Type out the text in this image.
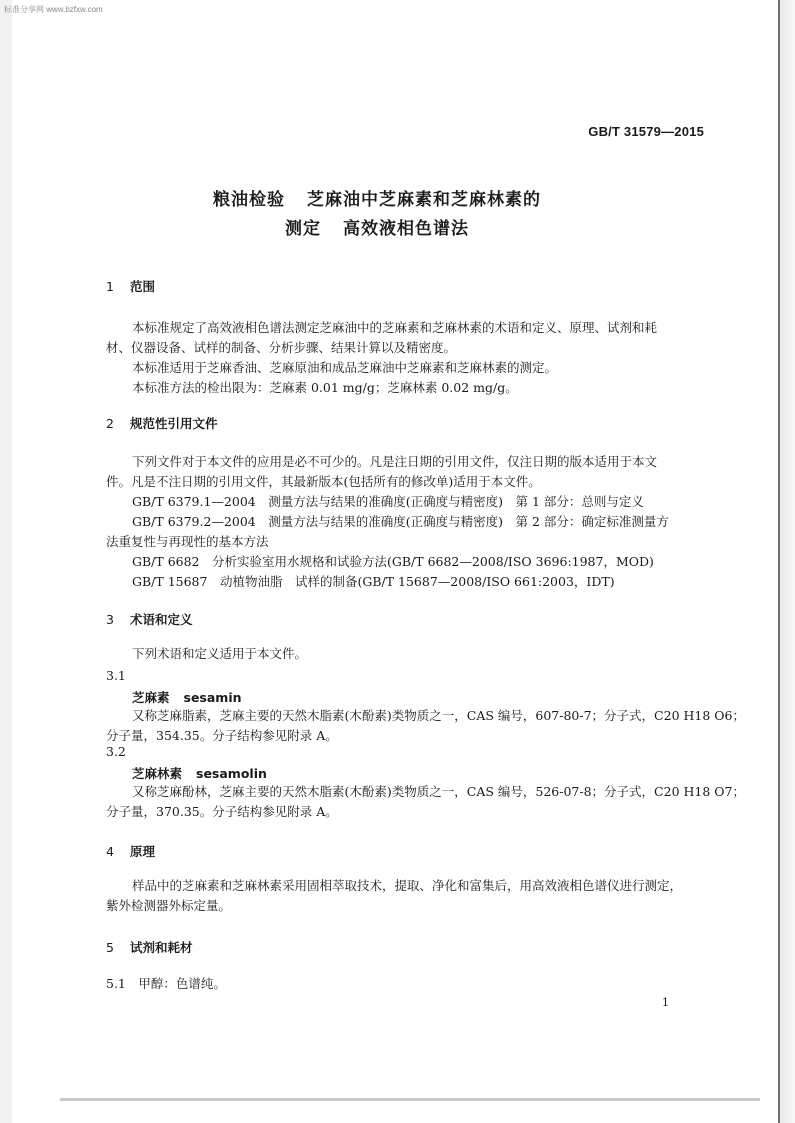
标准分享网 www.bzfxw.com
GB/T 31579—2015
粮油检验 芝麻油中芝麻素和芝麻林素的
测定 高效液相色谱法
1 范围
本标准规定了高效液相色谱法测定芝麻油中的芝麻素和芝麻林素的术语和定义、原理、试剂和耗
材、仪器设备、试样的制备、分析步骤、结果计算以及精密度。
本标准适用于芝麻香油、芝麻原油和成品芝麻油中芝麻素和芝麻林素的测定。
本标准方法的检出限为：芝麻素 0.01 mg/g；芝麻林素 0.02 mg/g。
2 规范性引用文件
下列文件对于本文件的应用是必不可少的。凡是注日期的引用文件，仅注日期的版本适用于本文
件。凡是不注日期的引用文件，其最新版本(包括所有的修改单)适用于本文件。
GB/T 6379.1—2004　测量方法与结果的准确度(正确度与精密度)　第 1 部分：总则与定义
GB/T 6379.2—2004　测量方法与结果的准确度(正确度与精密度)　第 2 部分：确定标准测量方
法重复性与再现性的基本方法
GB/T 6682　分析实验室用水规格和试验方法(GB/T 6682—2008/ISO 3696:1987，MOD)
GB/T 15687　动植物油脂　试样的制备(GB/T 15687—2008/ISO 661:2003，IDT)
3 术语和定义
下列术语和定义适用于本文件。
3.1
芝麻素 sesamin
又称芝麻脂素，芝麻主要的天然木脂素(木酚素)类物质之一，CAS 编号，607-80-7；分子式，C20 H18 O6；
分子量，354.35。分子结构参见附录 A。
3.2
芝麻林素 sesamolin
又称芝麻酚林，芝麻主要的天然木脂素(木酚素)类物质之一，CAS 编号，526-07-8；分子式，C20 H18 O7；
分子量，370.35。分子结构参见附录 A。
4 原理
样品中的芝麻素和芝麻林素采用固相萃取技术，提取、净化和富集后，用高效液相色谱仪进行测定，
紫外检测器外标定量。
5 试剂和耗材
5.1　 甲醇：色谱纯。
1
